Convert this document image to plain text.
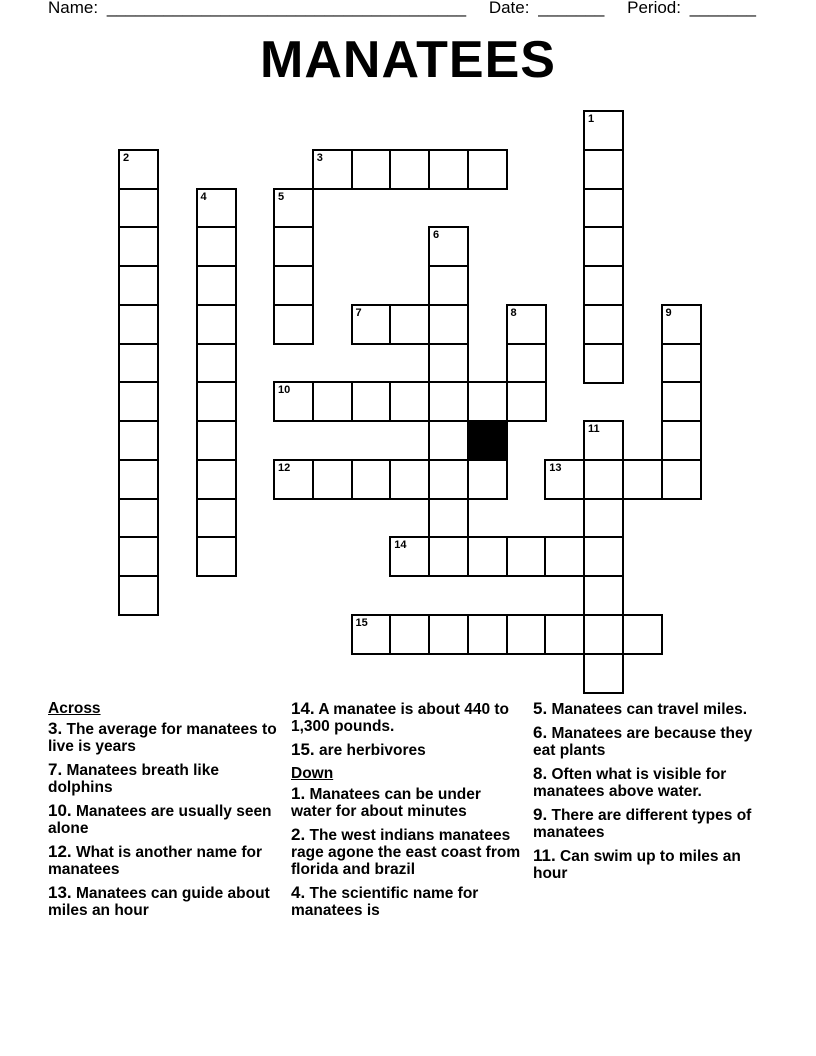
Name: ______________________________________ Date: _______ Period: _______
MANATEES
1
2	3
4	5
6
7	8	9
10
11
12	13
14
15
Across
3. The average for manatees to live is years
7. Manatees breath like dolphins
10. Manatees are usually seen alone
12. What is another name for manatees
13. Manatees can guide about miles an hour
14. A manatee is about 440 to 1,300 pounds.
15. are herbivores
Down
1. Manatees can be under water for about minutes
2. The west indians manatees rage agone the east coast from florida and brazil
4. The scientific name for manatees is
5. Manatees can travel miles.
6. Manatees are because they eat plants
8. Often what is visible for manatees above water.
9. There are different types of manatees
11. Can swim up to miles an hour
